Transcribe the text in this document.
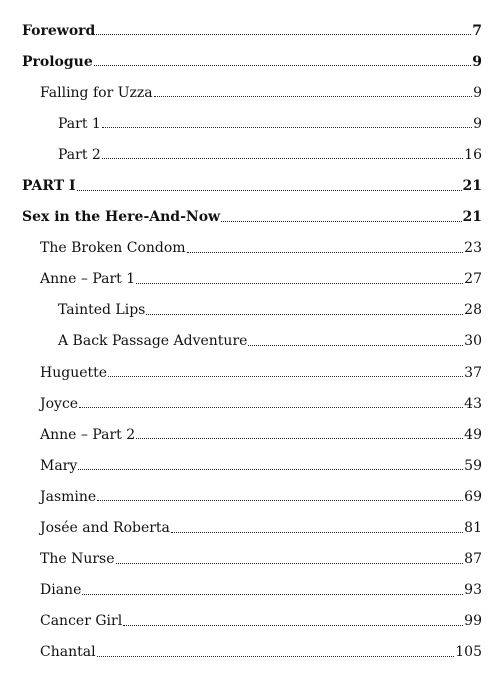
Foreword	7
Prologue	9
Falling for Uzza	9
Part 1	9
Part 2	16
PART I	21
Sex in the Here-And-Now	21
The Broken Condom	23
Anne – Part 1	27
Tainted Lips	28
A Back Passage Adventure	30
Huguette	37
Joyce	43
Anne – Part 2	49
Mary	59
Jasmine	69
Josée and Roberta	81
The Nurse	87
Diane	93
Cancer Girl	99
Chantal	105
